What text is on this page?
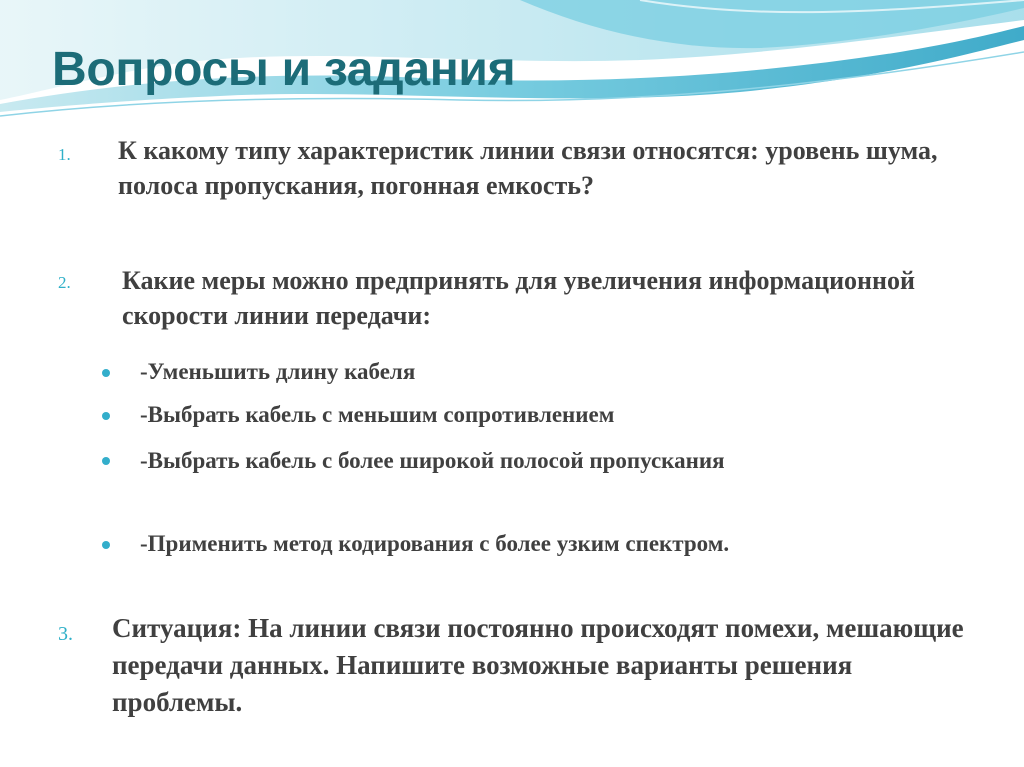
Вопросы и задания
1. К какому типу характеристик линии связи относятся: уровень шума, полоса пропускания, погонная емкость?
2. Какие меры можно предпринять для увеличения информационной скорости линии передачи:
-Уменьшить длину кабеля
-Выбрать кабель с меньшим сопротивлением
-Выбрать кабель с более широкой полосой пропускания
-Применить метод кодирования с более узким спектром.
3. Ситуация: На линии связи постоянно происходят помехи, мешающие передачи данных. Напишите возможные варианты решения проблемы.
